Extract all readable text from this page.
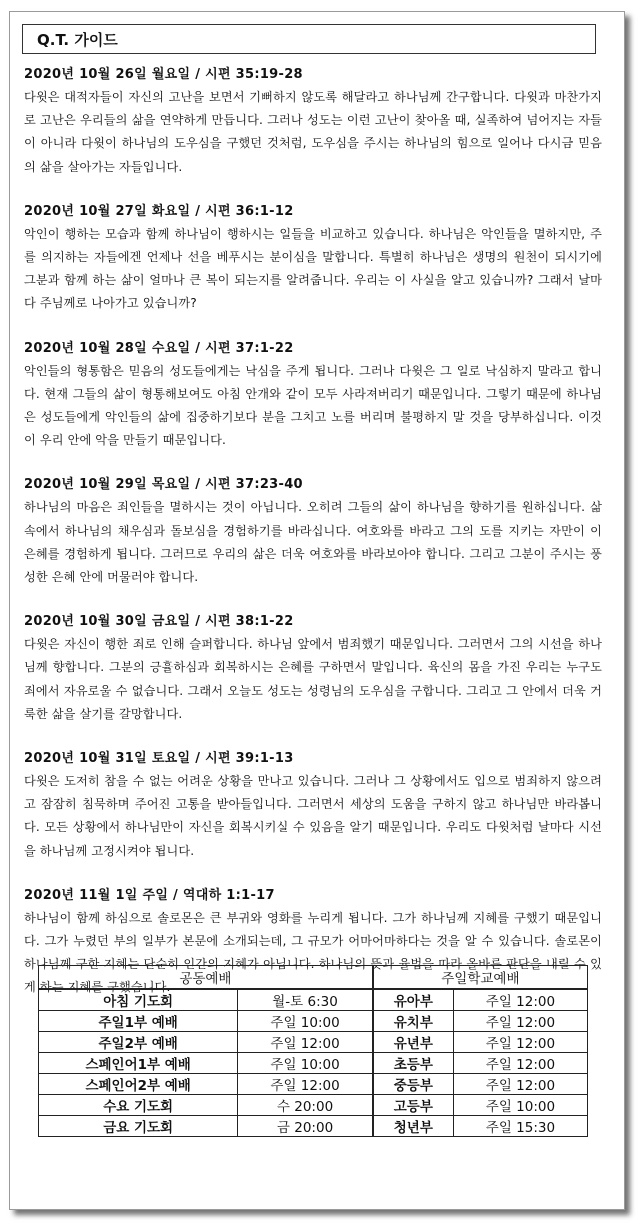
Q.T. 가이드
2020년 10월 26일 월요일 / 시편 35:19-28
다윗은 대적자들이 자신의 고난을 보면서 기뻐하지 않도록 해달라고 하나님께 간구합니다. 다윗과 마찬가지로 고난은 우리들의 삶을 연약하게 만듭니다. 그러나 성도는 이런 고난이 찾아올 때, 실족하여 넘어지는 자들이 아니라 다윗이 하나님의 도우심을 구했던 것처럼, 도우심을 주시는 하나님의 힘으로 일어나 다시금 믿음의 삶을 살아가는 자들입니다.
2020년 10월 27일 화요일 / 시편 36:1-12
악인이 행하는 모습과 함께 하나님이 행하시는 일들을 비교하고 있습니다. 하나님은 악인들을 멸하지만, 주를 의지하는 자들에겐 언제나 선을 베푸시는 분이심을 말합니다. 특별히 하나님은 생명의 원천이 되시기에 그분과 함께 하는 삶이 얼마나 큰 복이 되는지를 알려줍니다. 우리는 이 사실을 알고 있습니까? 그래서 날마다 주님께로 나아가고 있습니까?
2020년 10월 28일 수요일 / 시편 37:1-22
악인들의 형통함은 믿음의 성도들에게는 낙심을 주게 됩니다. 그러나 다윗은 그 일로 낙심하지 말라고 합니다. 현재 그들의 삶이 형통해보여도 아침 안개와 같이 모두 사라져버리기 때문입니다. 그렇기 때문에 하나님은 성도들에게 악인들의 삶에 집중하기보다 분을 그치고 노를 버리며 불평하지 말 것을 당부하십니다. 이것이 우리 안에 악을 만들기 때문입니다.
2020년 10월 29일 목요일 / 시편 37:23-40
하나님의 마음은 죄인들을 멸하시는 것이 아닙니다. 오히려 그들의 삶이 하나님을 향하기를 원하십니다. 삶 속에서 하나님의 채우심과 돌보심을 경험하기를 바라십니다. 여호와를 바라고 그의 도를 지키는 자만이 이 은혜를 경험하게 됩니다. 그러므로 우리의 삶은 더욱 여호와를 바라보아야 합니다. 그리고 그분이 주시는 풍성한 은혜 안에 머물러야 합니다.
2020년 10월 30일 금요일 / 시편 38:1-22
다윗은 자신이 행한 죄로 인해 슬퍼합니다. 하나님 앞에서 범죄했기 때문입니다. 그러면서 그의 시선을 하나님께 향합니다. 그분의 긍휼하심과 회복하시는 은혜를 구하면서 말입니다. 육신의 몸을 가진 우리는 누구도 죄에서 자유로울 수 없습니다. 그래서 오늘도 성도는 성령님의 도우심을 구합니다. 그리고 그 안에서 더욱 거룩한 삶을 살기를 갈망합니다.
2020년 10월 31일 토요일 / 시편 39:1-13
다윗은 도저히 참을 수 없는 어려운 상황을 만나고 있습니다. 그러나 그 상황에서도 입으로 범죄하지 않으려고 잠잠히 침묵하며 주어진 고통을 받아들입니다. 그러면서 세상의 도움을 구하지 않고 하나님만 바라봅니다. 모든 상황에서 하나님만이 자신을 회복시키실 수 있음을 알기 때문입니다. 우리도 다윗처럼 날마다 시선을 하나님께 고정시켜야 됩니다.
2020년 11월 1일 주일 / 역대하 1:1-17
하나님이 함께 하심으로 솔로몬은 큰 부귀와 영화를 누리게 됩니다. 그가 하나님께 지혜를 구했기 때문입니다. 그가 누렸던 부의 일부가 본문에 소개되는데, 그 규모가 어마어마하다는 것을 알 수 있습니다. 솔로몬이 하나님께 구한 지혜는 단순히 인간의 지혜가 아닙니다. 하나님의 뜻과 율법을 따라 올바른 판단을 내릴 수 있게 하는 지혜를 구했습니다.
공동예배		주일학교예배	
아침 기도회	월-토 6:30	유아부	주일 12:00
주일1부 예배	주일 10:00	유치부	주일 12:00
주일2부 예배	주일 12:00	유년부	주일 12:00
스페인어1부 예배	주일 10:00	초등부	주일 12:00
스페인어2부 예배	주일 12:00	중등부	주일 12:00
수요 기도회	수 20:00	고등부	주일 10:00
금요 기도회	금 20:00	청년부	주일 15:30
